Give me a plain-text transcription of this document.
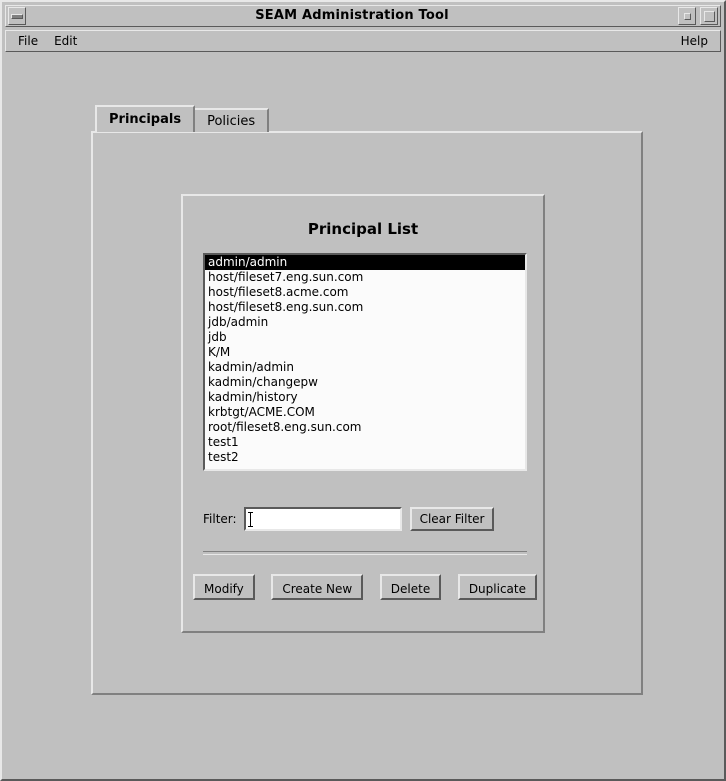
SEAM Administration Tool
File	Edit	Help
Principals	Policies
Principal List
admin/admin
host/fileset7.eng.sun.com
host/fileset8.acme.com
host/fileset8.eng.sun.com
jdb/admin
jdb
K/M
kadmin/admin
kadmin/changepw
kadmin/history
krbtgt/ACME.COM
root/fileset8.eng.sun.com
test1
test2
Filter:	Clear Filter
Modify	Create New	Delete	Duplicate
